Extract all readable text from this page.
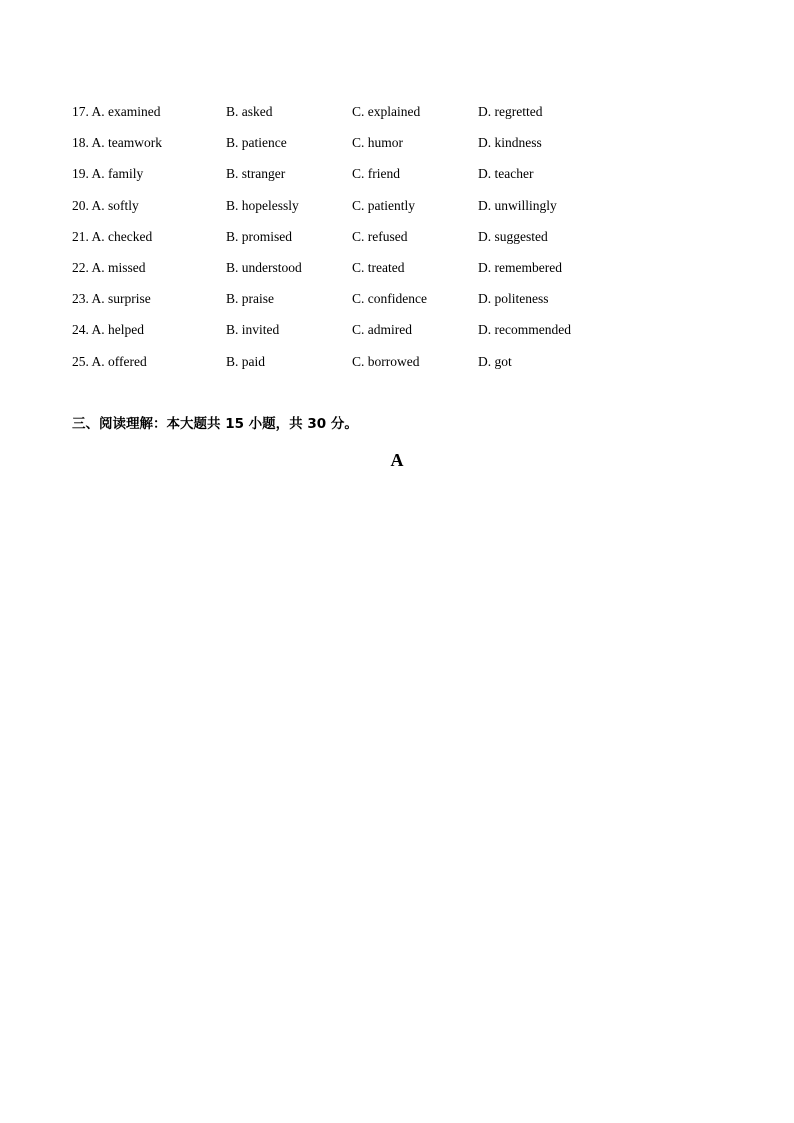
17. A. examined	B. asked	C. explained	D. regretted
18. A. teamwork	B. patience	C. humor	D. kindness
19. A. family	B. stranger	C. friend	D. teacher
20. A. softly	B. hopelessly	C. patiently	D. unwillingly
21. A. checked	B. promised	C. refused	D. suggested
22. A. missed	B. understood	C. treated	D. remembered
23. A. surprise	B. praise	C. confidence	D. politeness
24. A. helped	B. invited	C. admired	D. recommended
25. A. offered	B. paid	C. borrowed	D. got
三、阅读理解：本大题共 15 小题，共 30 分。
A
